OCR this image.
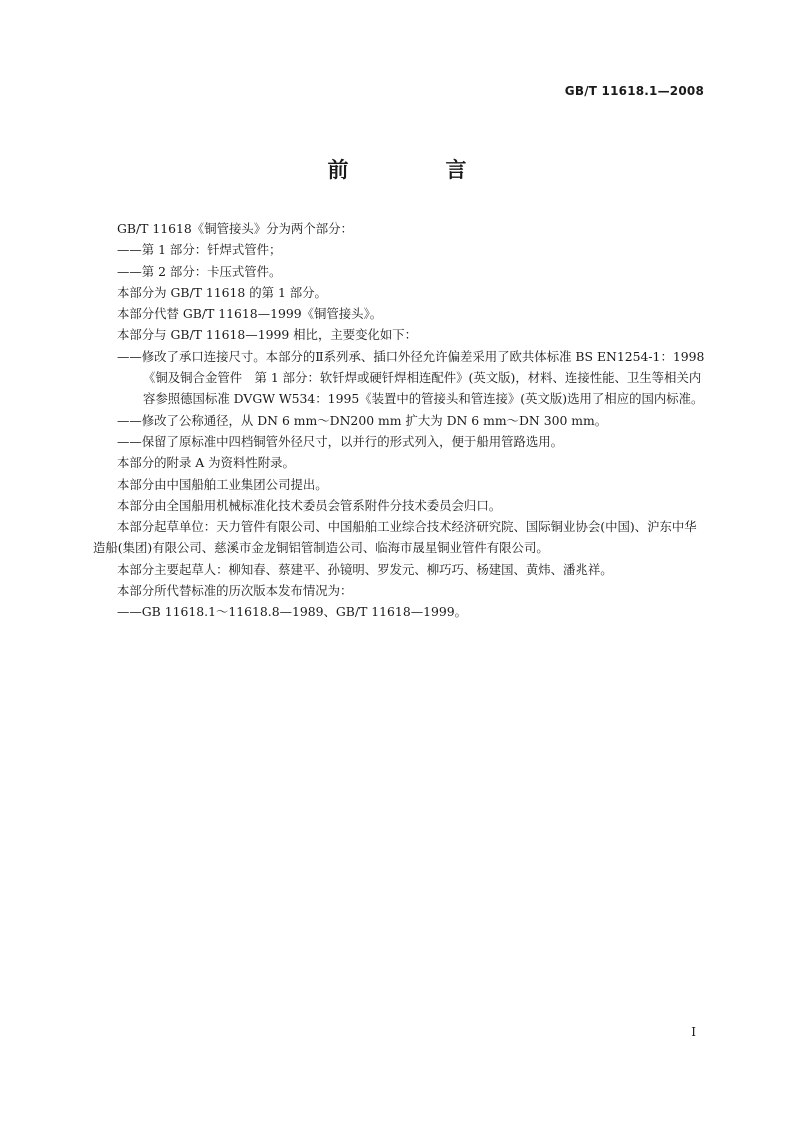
GB/T 11618.1—2008
前　言

GB/T 11618《铜管接头》分为两个部分：

——第 1 部分：钎焊式管件；

——第 2 部分：卡压式管件。

本部分为 GB/T 11618 的第 1 部分。

本部分代替 GB/T 11618—1999《铜管接头》。

本部分与 GB/T 11618—1999 相比，主要变化如下：

——修改了承口连接尺寸。本部分的Ⅱ系列承、插口外径允许偏差采用了欧共体标准 BS EN1254-1：1998《铜及铜合金管件　第 1 部分：软钎焊或硬钎焊相连配件》(英文版)，材料、连接性能、卫生等相关内容参照德国标准 DVGW W534：1995《装置中的管接头和管连接》(英文版)选用了相应的国内标准。

——修改了公称通径，从 DN 6 mm～DN200 mm 扩大为 DN 6 mm～DN 300 mm。

——保留了原标准中四档铜管外径尺寸，以并行的形式列入，便于船用管路选用。

本部分的附录 A 为资料性附录。

本部分由中国船舶工业集团公司提出。

本部分由全国船用机械标准化技术委员会管系附件分技术委员会归口。

本部分起草单位：天力管件有限公司、中国船舶工业综合技术经济研究院、国际铜业协会(中国)、沪东中华造船(集团)有限公司、慈溪市金龙铜铝管制造公司、临海市晟星铜业管件有限公司。

本部分主要起草人：柳知春、蔡建平、孙镜明、罗发元、柳巧巧、杨建国、黄炜、潘兆祥。

本部分所代替标准的历次版本发布情况为：

——GB 11618.1～11618.8—1989、GB/T 11618—1999。

I
